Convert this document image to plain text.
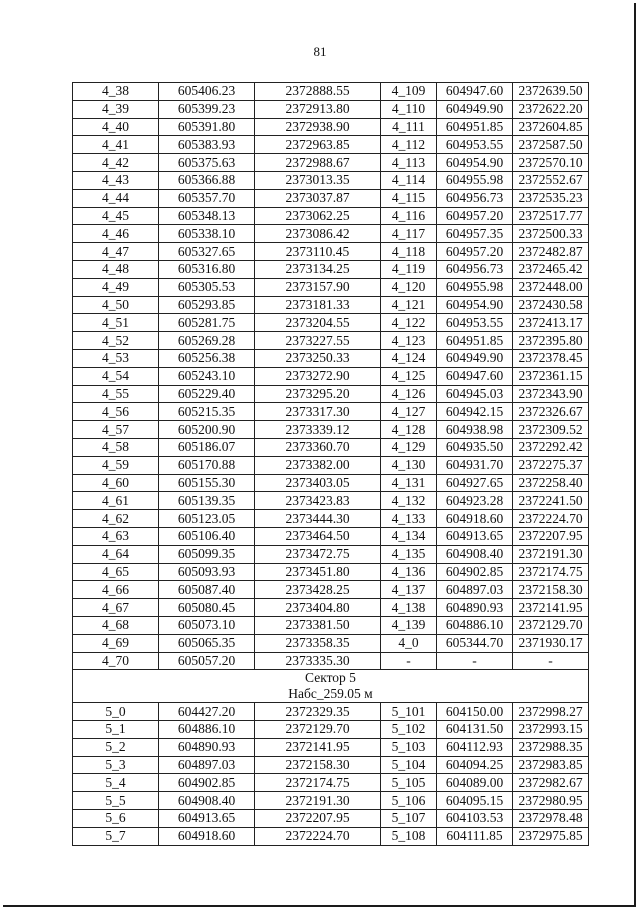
81
4_38	605406.23	2372888.55	4_109	604947.60	2372639.50
4_39	605399.23	2372913.80	4_110	604949.90	2372622.20
4_40	605391.80	2372938.90	4_111	604951.85	2372604.85
4_41	605383.93	2372963.85	4_112	604953.55	2372587.50
4_42	605375.63	2372988.67	4_113	604954.90	2372570.10
4_43	605366.88	2373013.35	4_114	604955.98	2372552.67
4_44	605357.70	2373037.87	4_115	604956.73	2372535.23
4_45	605348.13	2373062.25	4_116	604957.20	2372517.77
4_46	605338.10	2373086.42	4_117	604957.35	2372500.33
4_47	605327.65	2373110.45	4_118	604957.20	2372482.87
4_48	605316.80	2373134.25	4_119	604956.73	2372465.42
4_49	605305.53	2373157.90	4_120	604955.98	2372448.00
4_50	605293.85	2373181.33	4_121	604954.90	2372430.58
4_51	605281.75	2373204.55	4_122	604953.55	2372413.17
4_52	605269.28	2373227.55	4_123	604951.85	2372395.80
4_53	605256.38	2373250.33	4_124	604949.90	2372378.45
4_54	605243.10	2373272.90	4_125	604947.60	2372361.15
4_55	605229.40	2373295.20	4_126	604945.03	2372343.90
4_56	605215.35	2373317.30	4_127	604942.15	2372326.67
4_57	605200.90	2373339.12	4_128	604938.98	2372309.52
4_58	605186.07	2373360.70	4_129	604935.50	2372292.42
4_59	605170.88	2373382.00	4_130	604931.70	2372275.37
4_60	605155.30	2373403.05	4_131	604927.65	2372258.40
4_61	605139.35	2373423.83	4_132	604923.28	2372241.50
4_62	605123.05	2373444.30	4_133	604918.60	2372224.70
4_63	605106.40	2373464.50	4_134	604913.65	2372207.95
4_64	605099.35	2373472.75	4_135	604908.40	2372191.30
4_65	605093.93	2373451.80	4_136	604902.85	2372174.75
4_66	605087.40	2373428.25	4_137	604897.03	2372158.30
4_67	605080.45	2373404.80	4_138	604890.93	2372141.95
4_68	605073.10	2373381.50	4_139	604886.10	2372129.70
4_69	605065.35	2373358.35	4_0	605344.70	2371930.17
4_70	605057.20	2373335.30	-	-	-

Сектор 5
Набс_259.05 м					

5_0	604427.20	2372329.35	5_101	604150.00	2372998.27
5_1	604886.10	2372129.70	5_102	604131.50	2372993.15
5_2	604890.93	2372141.95	5_103	604112.93	2372988.35
5_3	604897.03	2372158.30	5_104	604094.25	2372983.85
5_4	604902.85	2372174.75	5_105	604089.00	2372982.67
5_5	604908.40	2372191.30	5_106	604095.15	2372980.95
5_6	604913.65	2372207.95	5_107	604103.53	2372978.48
5_7	604918.60	2372224.70	5_108	604111.85	2372975.85
